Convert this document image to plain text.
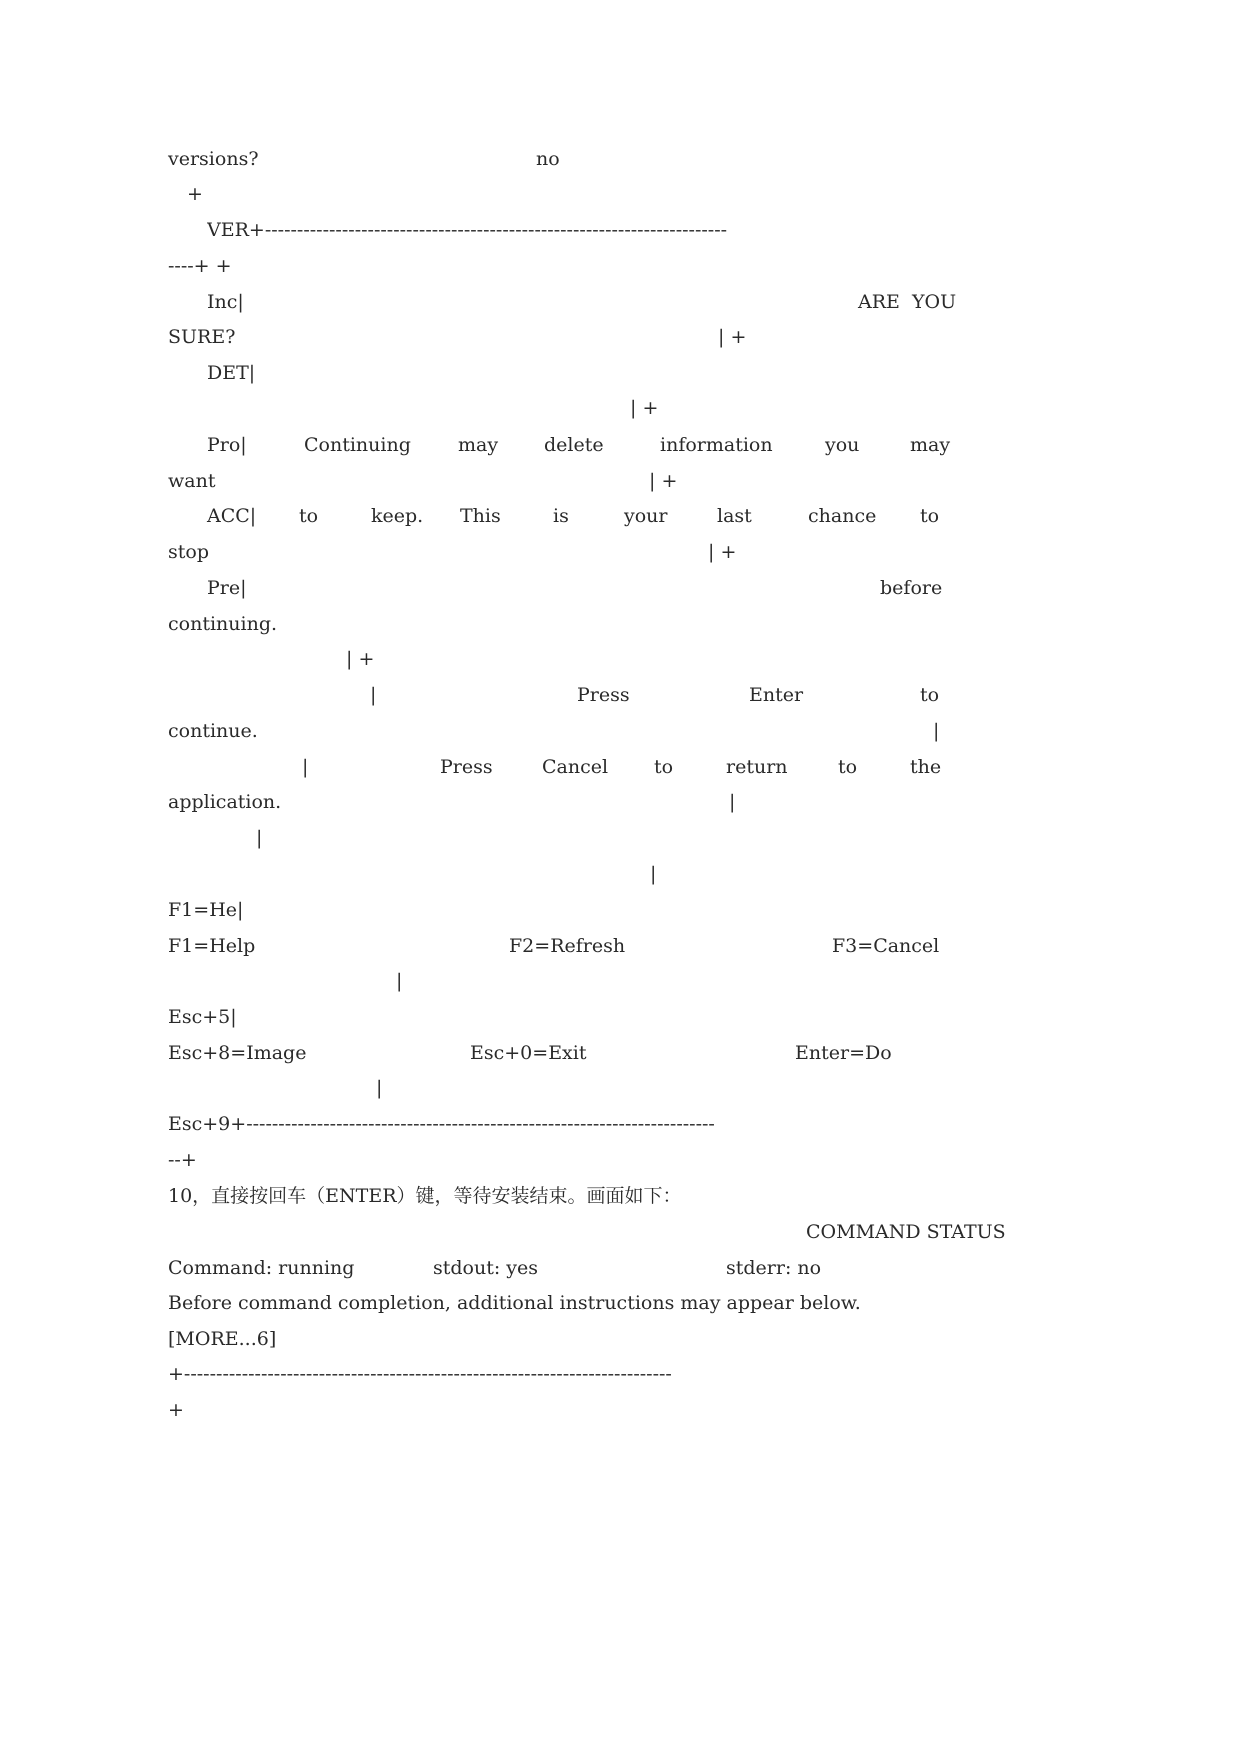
versions?	no
+
VER+------------------------------------------------------------------------
----+ +
Inc|	ARE  YOU
SURE?	| +
DET|
| +
Pro|	Continuing may delete	information	you	may
want	| +
ACC| to	keep. This	is	your	last	chance to
stop	| +
Pre|	before
continuing.
| +
|	Press	Enter	to
continue.	|
|	Press	Cancel to	return	to	the
application.	|
|
|
F1=He|
F1=Help	F2=Refresh	F3=Cancel
|
Esc+5|
Esc+8=Image	Esc+0=Exit	Enter=Do
|
Esc+9+-------------------------------------------------------------------------
--+
10，直接按回车（ENTER）键，等待安装结束。画面如下：
COMMAND STATUS
Command: running	stdout: yes	stderr: no
Before command completion, additional instructions may appear below.
[MORE...6]
+----------------------------------------------------------------------------
+
